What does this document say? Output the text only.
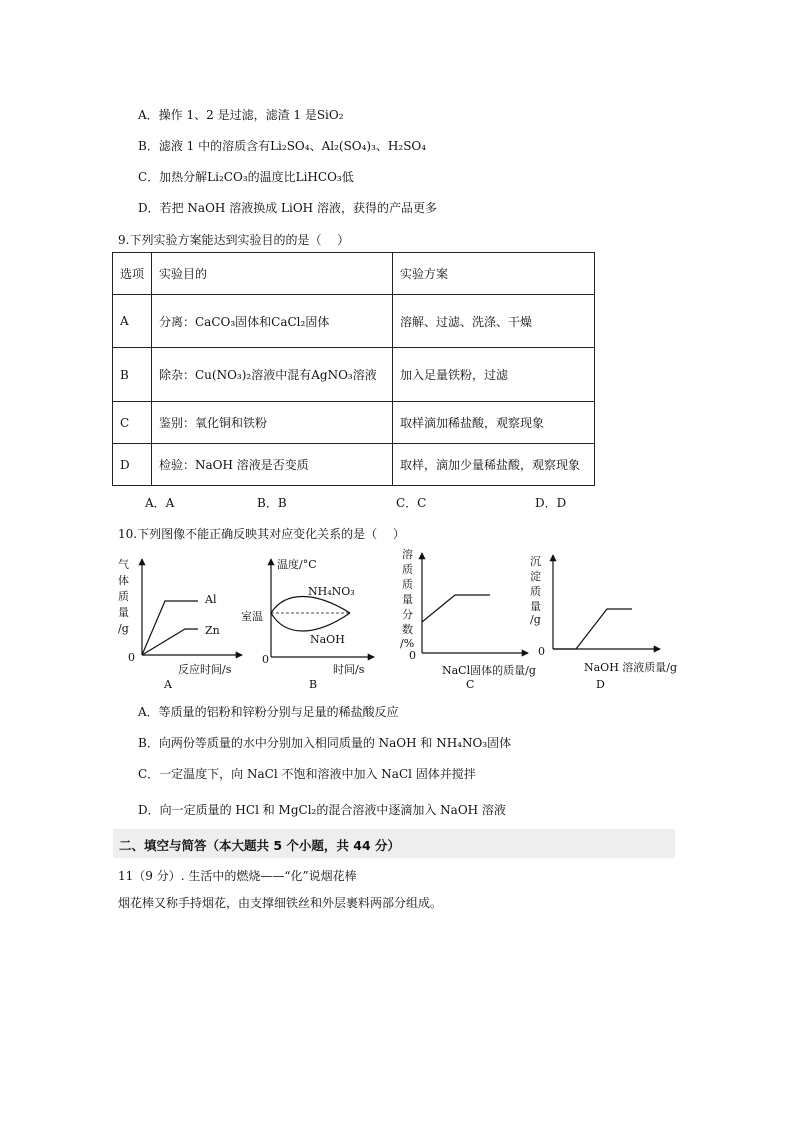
A．操作 1、2 是过滤，滤渣 1 是SiO₂
B．滤液 1 中的溶质含有Li₂SO₄、Al₂(SO₄)₃、H₂SO₄
C．加热分解Li₂CO₃的温度比LiHCO₃低
D．若把 NaOH 溶液换成 LiOH 溶液，获得的产品更多
9.下列实验方案能达到实验目的的是（　 ）
选项	实验目的	实验方案
A	分离：CaCO₃固体和CaCl₂固体	溶解、过滤、洗涤、干燥
B	除杂：Cu(NO₃)₂溶液中混有AgNO₃溶液	加入足量铁粉，过滤
C	鉴别：氧化铜和铁粉	取样滴加稀盐酸，观察现象
D	检验：NaOH 溶液是否变质	取样，滴加少量稀盐酸，观察现象
A．A	B．B	C．C	D．D
10.下列图像不能正确反映其对应变化关系的是（　 ）
气
体
质
量
/g
0
Al
Zn
反应时间/s
A
温度/°C
0
室温
NH₄NO₃
NaOH
时间/s
B
溶
质
质
量
分
数
/%
0
NaCl固体的质量/g
C
沉
淀
质
量
/g
0
NaOH 溶液质量/g
D
A．等质量的铝粉和锌粉分别与足量的稀盐酸反应
B．向两份等质量的水中分别加入相同质量的 NaOH 和 NH₄NO₃固体
C．一定温度下，向 NaCl 不饱和溶液中加入 NaCl 固体并搅拌
D．向一定质量的 HCl 和 MgCl₂的混合溶液中逐滴加入 NaOH 溶液
二、填空与简答（本大题共 5 个小题，共 44 分）
11（9 分）. 生活中的燃烧——“化”说烟花棒
烟花棒又称手持烟花，由支撑细铁丝和外层裹料两部分组成。
